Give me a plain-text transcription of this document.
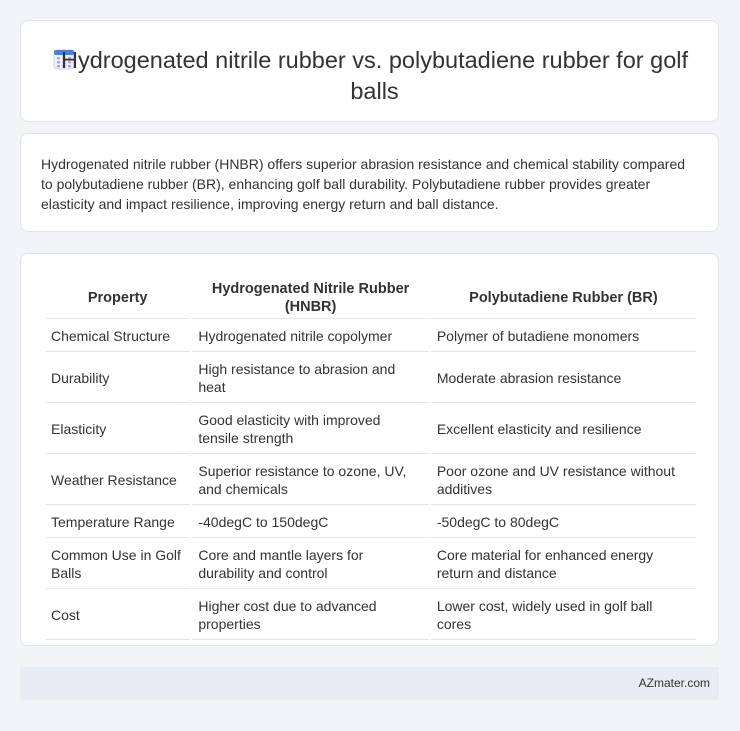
Hydrogenated nitrile rubber vs. polybutadiene rubber for golf balls

Hydrogenated nitrile rubber (HNBR) offers superior abrasion resistance and chemical stability compared to polybutadiene rubber (BR), enhancing golf ball durability. Polybutadiene rubber provides greater elasticity and impact resilience, improving energy return and ball distance.

Property	Hydrogenated Nitrile Rubber (HNBR)	Polybutadiene Rubber (BR)
Chemical Structure	Hydrogenated nitrile copolymer	Polymer of butadiene monomers
Durability	High resistance to abrasion and heat	Moderate abrasion resistance
Elasticity	Good elasticity with improved tensile strength	Excellent elasticity and resilience
Weather Resistance	Superior resistance to ozone, UV, and chemicals	Poor ozone and UV resistance without additives
Temperature Range	-40degC to 150degC	-50degC to 80degC
Common Use in Golf Balls	Core and mantle layers for durability and control	Core material for enhanced energy return and distance
Cost	Higher cost due to advanced properties	Lower cost, widely used in golf ball cores
AZmater.com
